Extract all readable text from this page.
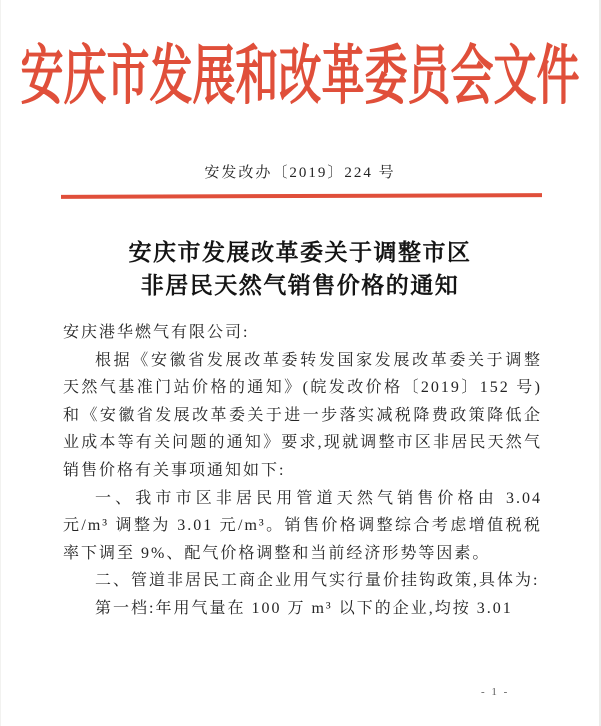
安庆市发展和改革委员会文件
安发改办〔2019〕224 号
安庆市发展改革委关于调整市区
非居民天然气销售价格的通知

安庆港华燃气有限公司:

根据《安徽省发展改革委转发国家发展改革委关于调整天然气基准门站价格的通知》(皖发改价格〔2019〕152 号)和《安徽省发展改革委关于进一步落实减税降费政策降低企业成本等有关问题的通知》要求,现就调整市区非居民天然气销售价格有关事项通知如下:

一、我市市区非居民用管道天然气销售价格由 3.04 元/m³ 调整为 3.01 元/m³。销售价格调整综合考虑增值税税率下调至 9%、配气价格调整和当前经济形势等因素。

二、管道非居民工商企业用气实行量价挂钩政策,具体为:

第一档:年用气量在 100 万 m³ 以下的企业,均按 3.01

- 1 -
